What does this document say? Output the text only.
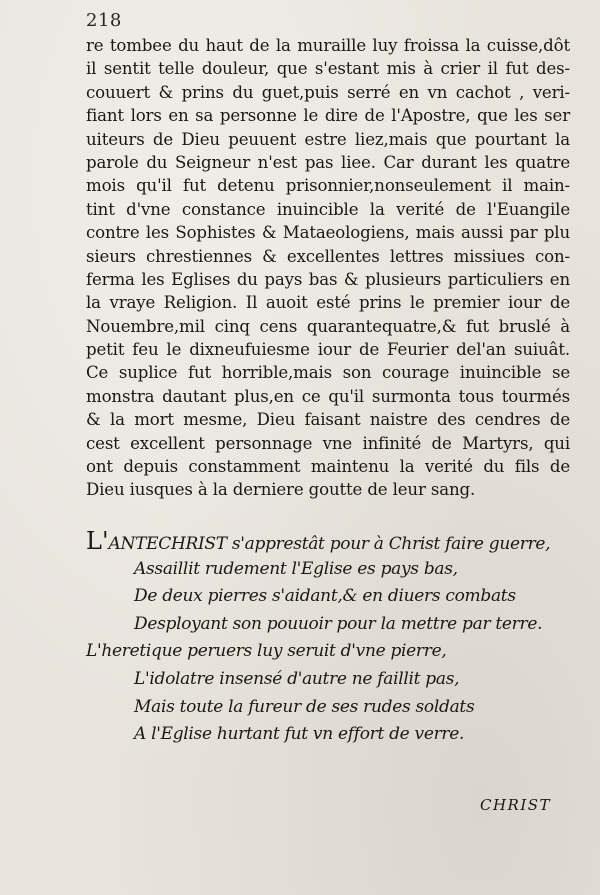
218
re tombee du haut de la muraille luy froissa la cuisse,dôt
il sentit telle douleur, que s'estant mis à crier il fut des-
couuert & prins du guet,puis serré en vn cachot , veri-
fiant lors en sa personne le dire de l'Apostre, que les ser
uiteurs de Dieu peuuent estre liez,mais que pourtant la
parole du Seigneur n'est pas liee. Car durant les quatre
mois qu'il fut detenu prisonnier,nonseulement il main-
tint d'vne constance inuincible la verité de l'Euangile
contre les Sophistes & Mataeologiens, mais aussi par plu
sieurs chrestiennes & excellentes lettres missiues con-
ferma les Eglises du pays bas & plusieurs particuliers en
la vraye Religion. Il auoit esté prins le premier iour de
Nouembre,mil cinq cens quarantequatre,& fut bruslé à
petit feu le dixneufuiesme iour de Feurier del'an suiuât.
Ce suplice fut horrible,mais son courage inuincible se
monstra dautant plus,en ce qu'il surmonta tous tourmés
& la mort mesme, Dieu faisant naistre des cendres de
cest excellent personnage vne infinité de Martyrs, qui
ont depuis constamment maintenu la verité du fils de
Dieu iusques à la derniere goutte de leur sang.
L'ANTECHRIST s'apprestât pour à Christ faire guerre,
Assaillit rudement l'Eglise es pays bas,
De deux pierres s'aidant,& en diuers combats
Desployant son pouuoir pour la mettre par terre.
L'heretique peruers luy seruit d'vne pierre,
L'idolatre insensé d'autre ne faillit pas,
Mais toute la fureur de ses rudes soldats
A l'Eglise hurtant fut vn effort de verre.
CHRIST
